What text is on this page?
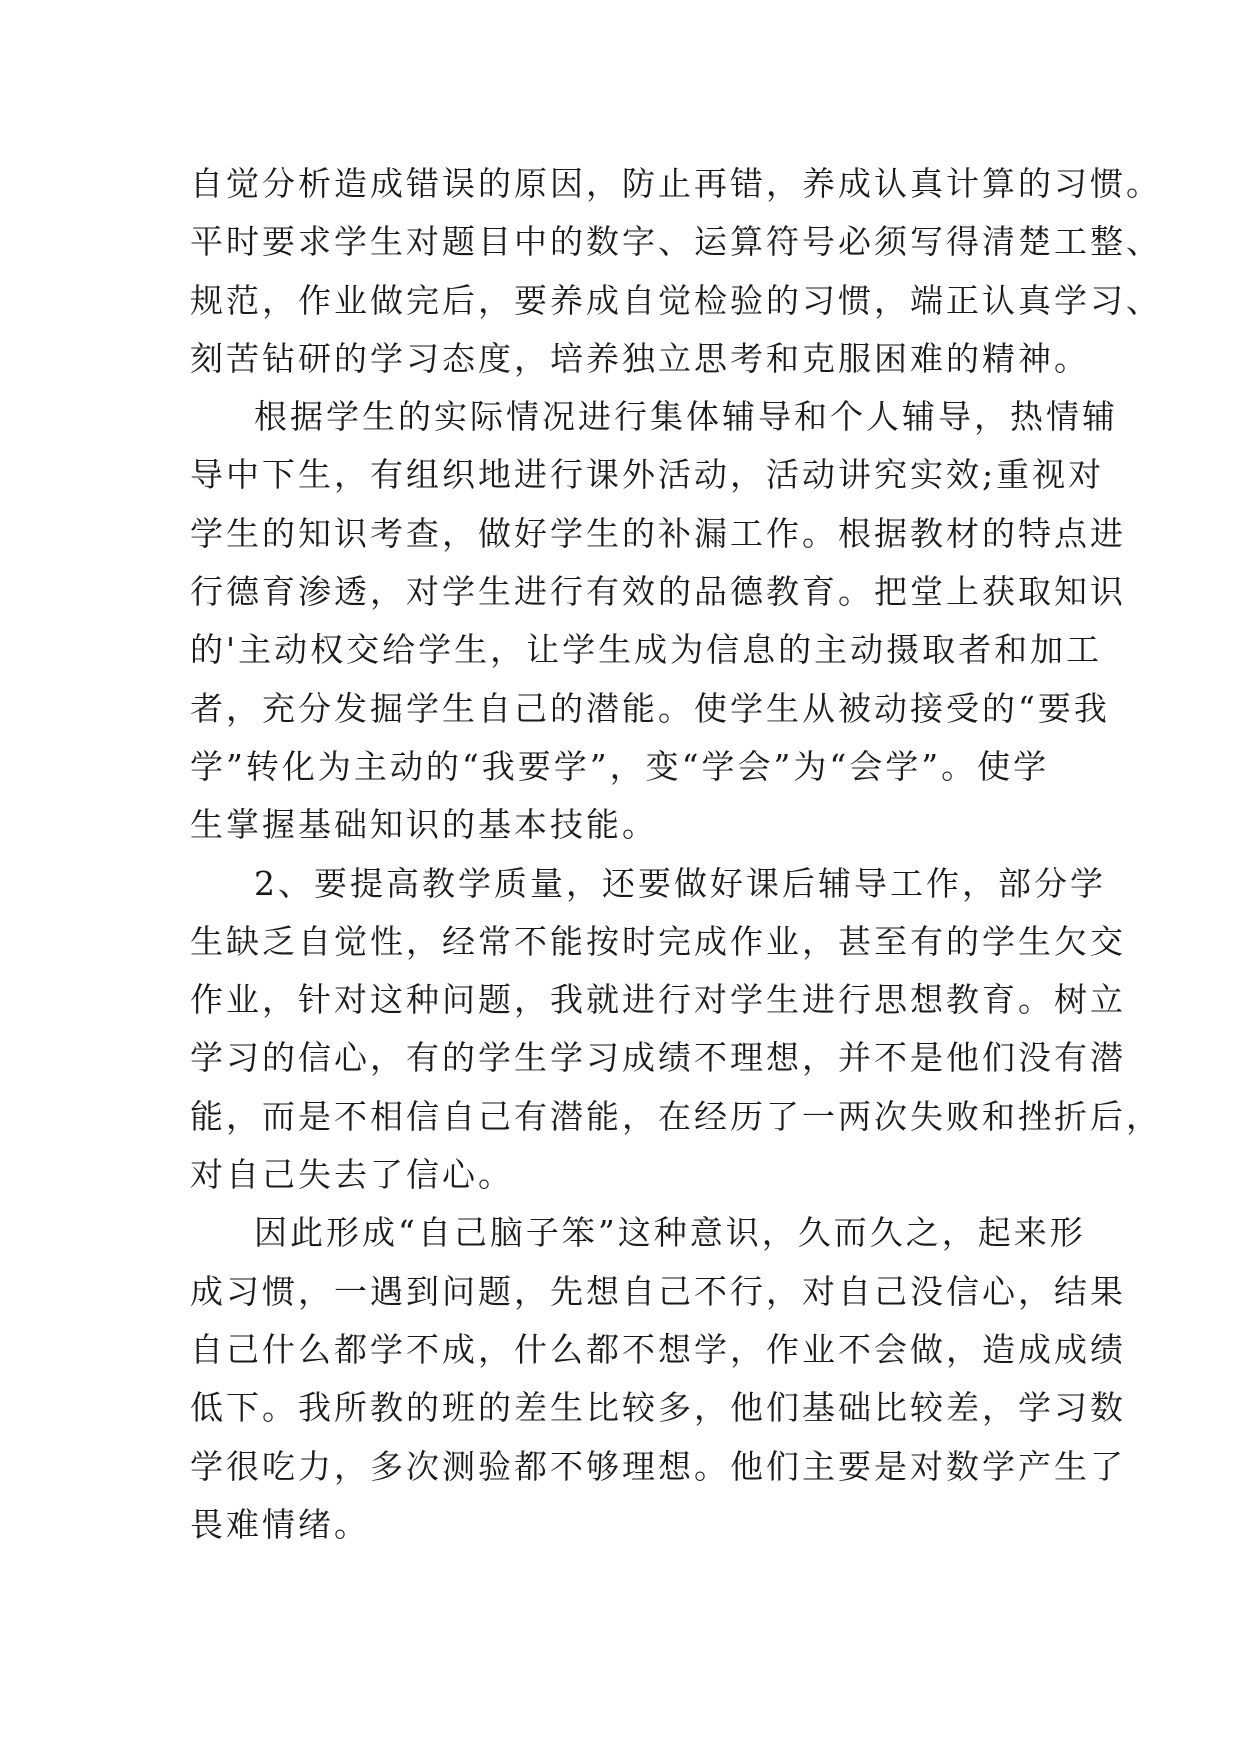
自觉分析造成错误的原因，防止再错，养成认真计算的习惯。
平时要求学生对题目中的数字、运算符号必须写得清楚工整、
规范，作业做完后，要养成自觉检验的习惯，端正认真学习、
刻苦钻研的学习态度，培养独立思考和克服困难的精神。
根据学生的实际情况进行集体辅导和个人辅导，热情辅
导中下生，有组织地进行课外活动，活动讲究实效;重视对
学生的知识考查，做好学生的补漏工作。根据教材的特点进
行德育渗透，对学生进行有效的品德教育。把堂上获取知识
的'主动权交给学生，让学生成为信息的主动摄取者和加工
者，充分发掘学生自己的潜能。使学生从被动接受的“要我
学”转化为主动的“我要学”，变“学会”为“会学”。使学
生掌握基础知识的基本技能。
2、要提高教学质量，还要做好课后辅导工作，部分学
生缺乏自觉性，经常不能按时完成作业，甚至有的学生欠交
作业，针对这种问题，我就进行对学生进行思想教育。树立
学习的信心，有的学生学习成绩不理想，并不是他们没有潜
能，而是不相信自己有潜能，在经历了一两次失败和挫折后，
对自己失去了信心。
因此形成“自己脑子笨”这种意识，久而久之，起来形
成习惯，一遇到问题，先想自己不行，对自己没信心，结果
自己什么都学不成，什么都不想学，作业不会做，造成成绩
低下。我所教的班的差生比较多，他们基础比较差，学习数
学很吃力，多次测验都不够理想。他们主要是对数学产生了
畏难情绪。
